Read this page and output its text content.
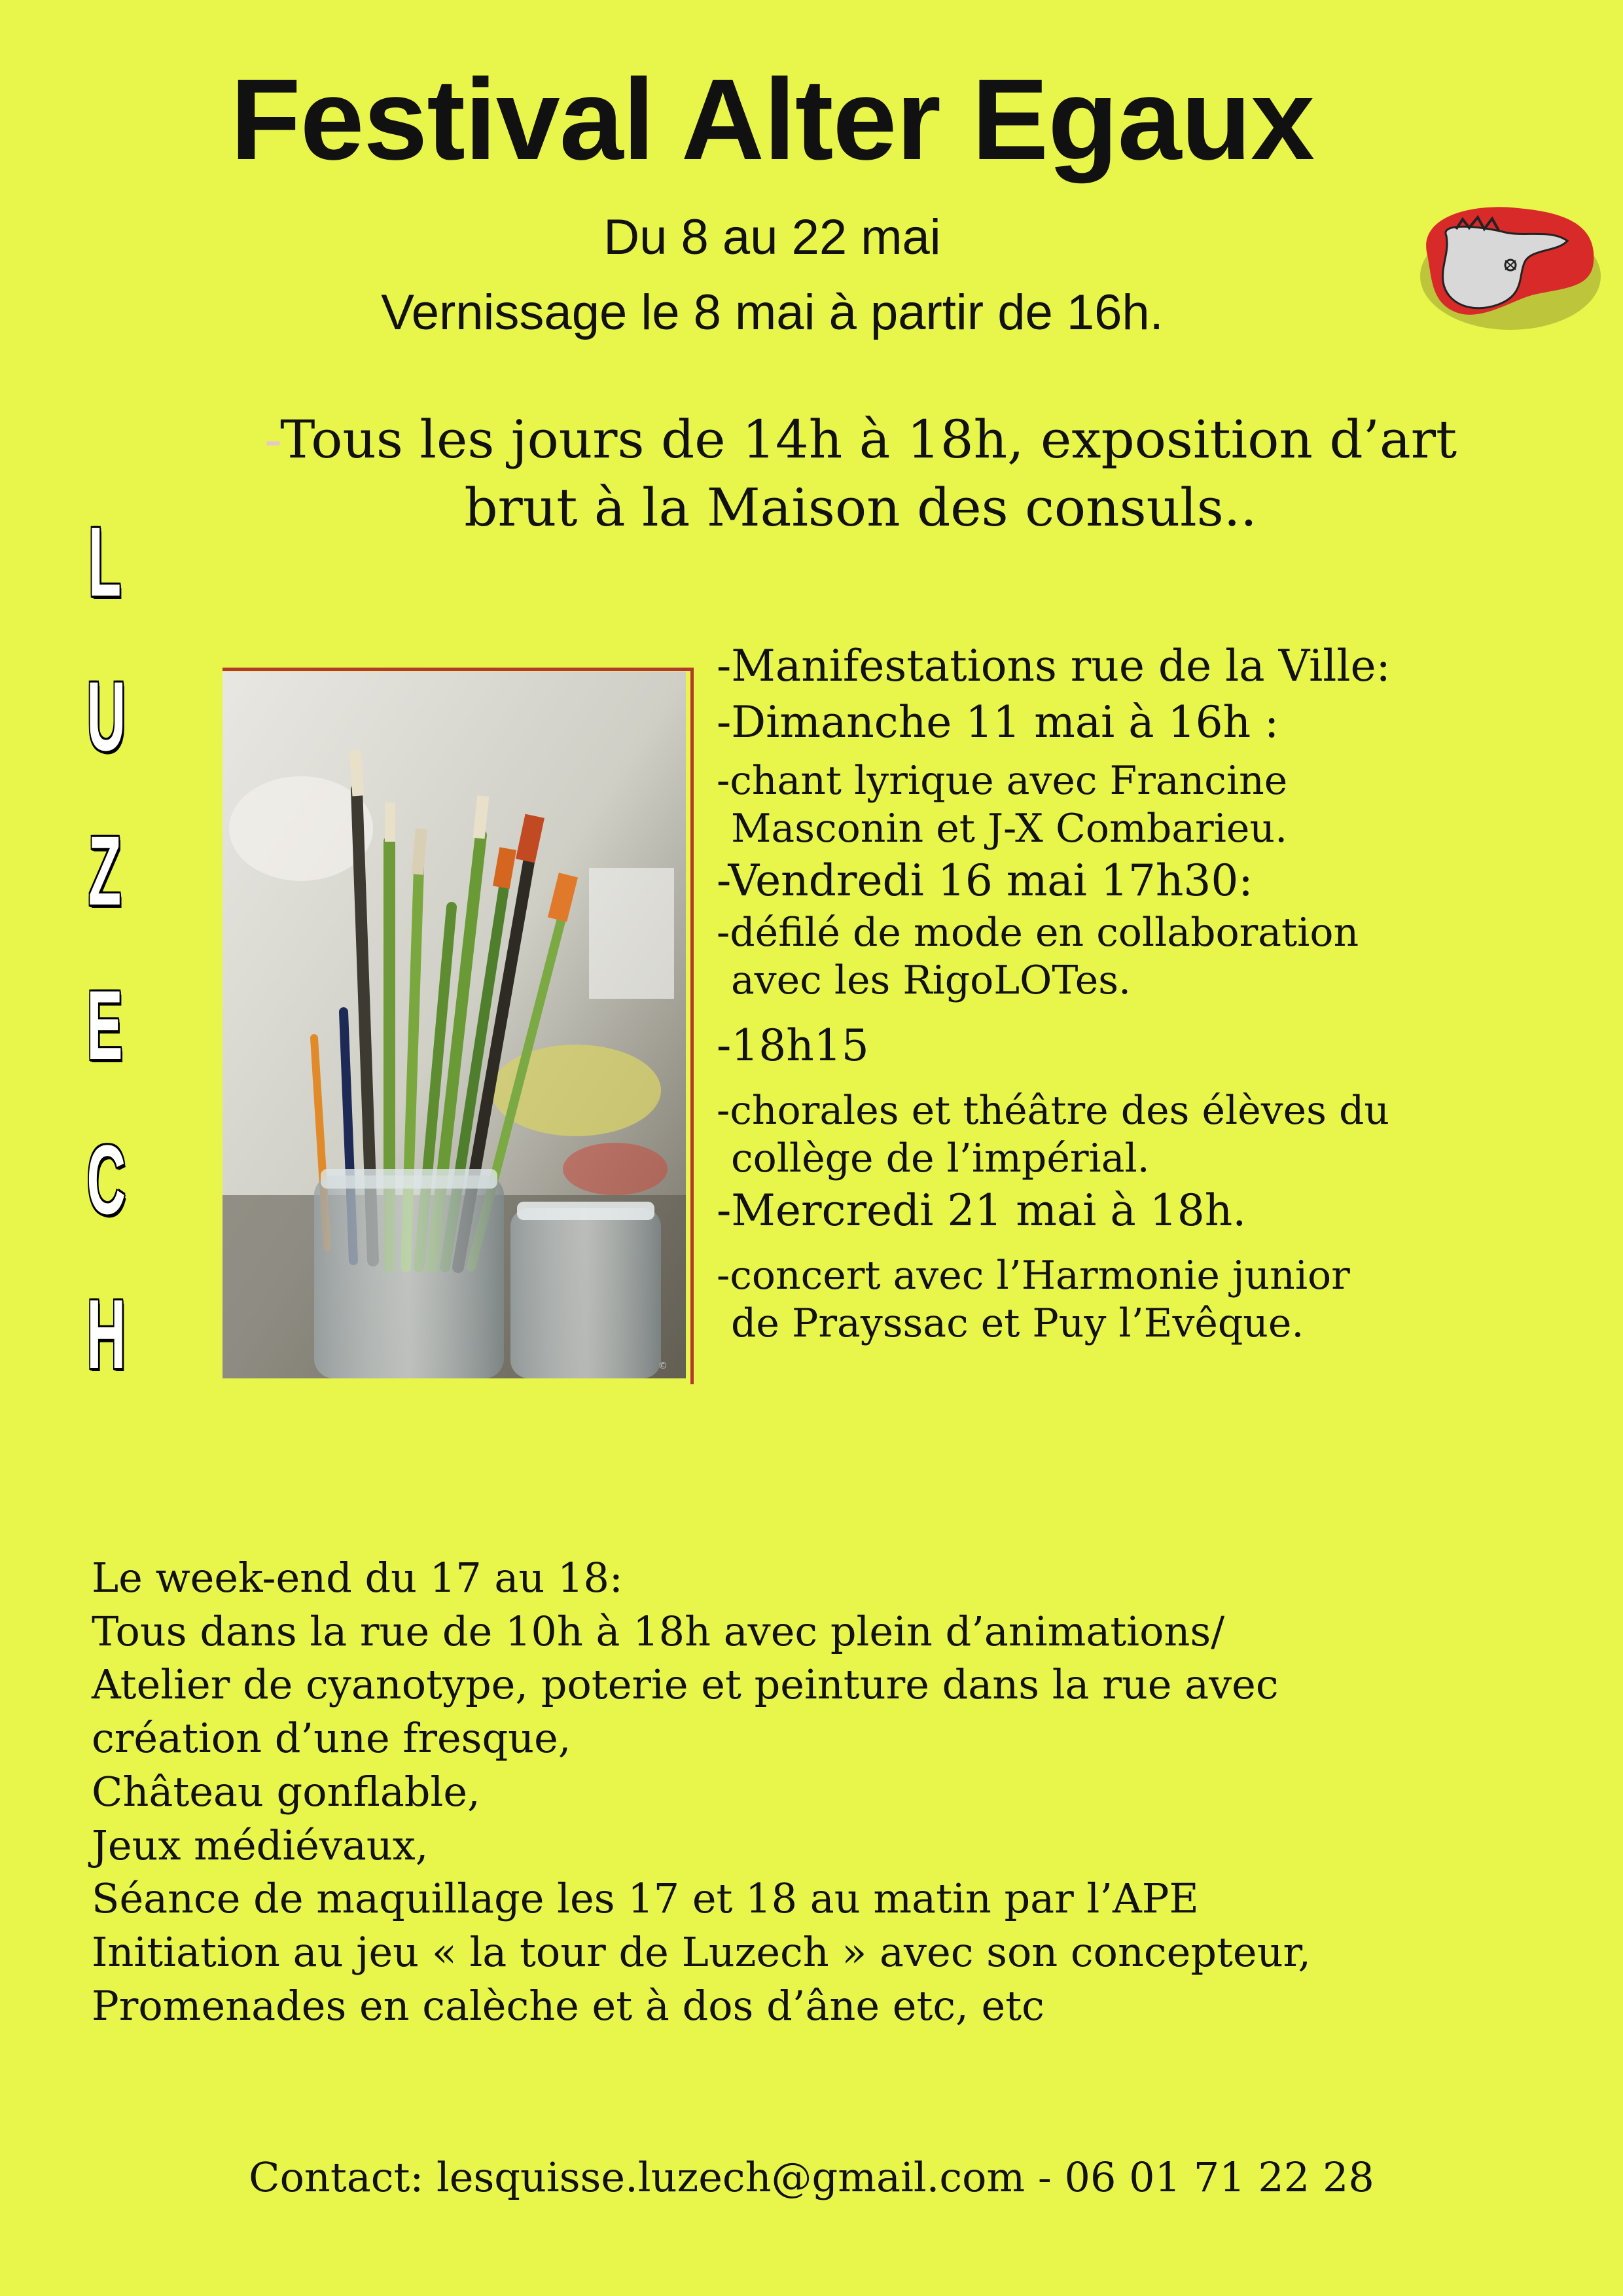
Festival Alter Egaux
Du 8 au 22 mai
Vernissage le 8 mai à partir de 16h.
-Tous les jours de 14h à 18h, exposition d’art
brut à la Maison des consuls..
L
U
Z
E
C
H	©
-Manifestations rue de la Ville:
-Dimanche 11 mai à 16h :
-chant lyrique avec Francine
Masconin et J-X Combarieu.
-Vendredi 16 mai 17h30:
-défilé de mode en collaboration
avec les RigoLOTes.
-18h15
-chorales et théâtre des élèves du
collège de l’impérial.
-Mercredi 21 mai à 18h.
-concert avec l’Harmonie junior
de Prayssac et Puy l’Evêque.
Le week-end du 17 au 18:
Tous dans la rue de 10h à 18h avec plein d’animations/
Atelier de cyanotype, poterie et peinture dans la rue avec
création d’une fresque,
Château gonflable,
Jeux médiévaux,
Séance de maquillage les 17 et 18 au matin par l’APE
Initiation au jeu « la tour de Luzech » avec son concepteur,
Promenades en calèche et à dos d’âne etc, etc
Contact: lesquisse.luzech@gmail.com - 06 01 71 22 28
